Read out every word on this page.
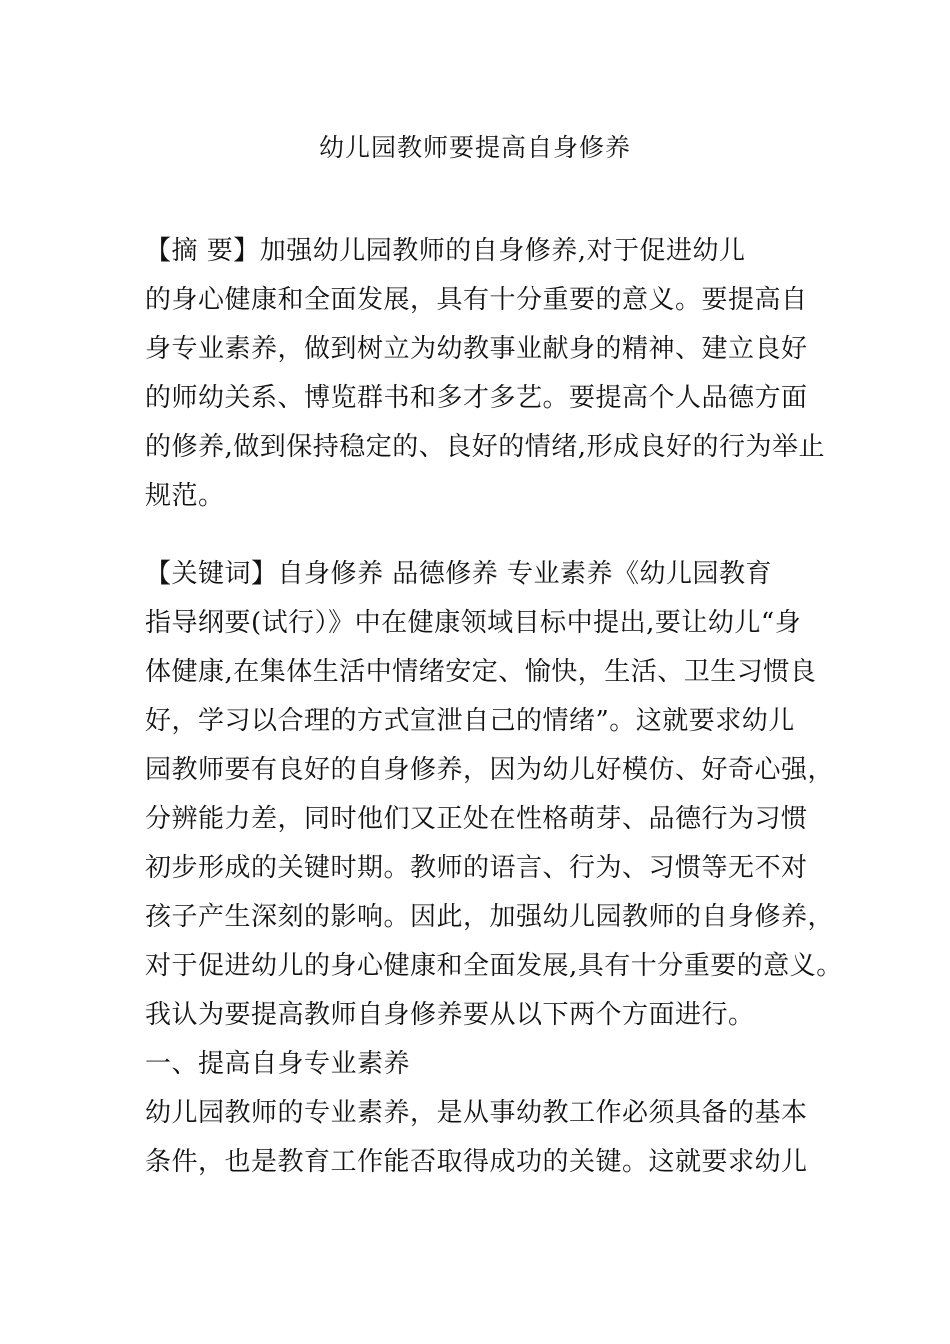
幼儿园教师要提高自身修养
【摘 要】加强幼儿园教师的自身修养,对于促进幼儿
的身心健康和全面发展，具有十分重要的意义。要提高自
身专业素养，做到树立为幼教事业献身的精神、建立良好
的师幼关系、博览群书和多才多艺。要提高个人品德方面
的修养,做到保持稳定的、良好的情绪,形成良好的行为举止
规范。
【关键词】自身修养 品德修养 专业素养《幼儿园教育
指导纲要(试行）》中在健康领域目标中提出,要让幼儿“身
体健康,在集体生活中情绪安定、愉快，生活、卫生习惯良
好，学习以合理的方式宣泄自己的情绪”。这就要求幼儿
园教师要有良好的自身修养，因为幼儿好模仿、好奇心强，
分辨能力差，同时他们又正处在性格萌芽、品德行为习惯
初步形成的关键时期。教师的语言、行为、习惯等无不对
孩子产生深刻的影响。因此，加强幼儿园教师的自身修养，
对于促进幼儿的身心健康和全面发展,具有十分重要的意义。
我认为要提高教师自身修养要从以下两个方面进行。
一、提高自身专业素养
幼儿园教师的专业素养，是从事幼教工作必须具备的基本
条件，也是教育工作能否取得成功的关键。这就要求幼儿
